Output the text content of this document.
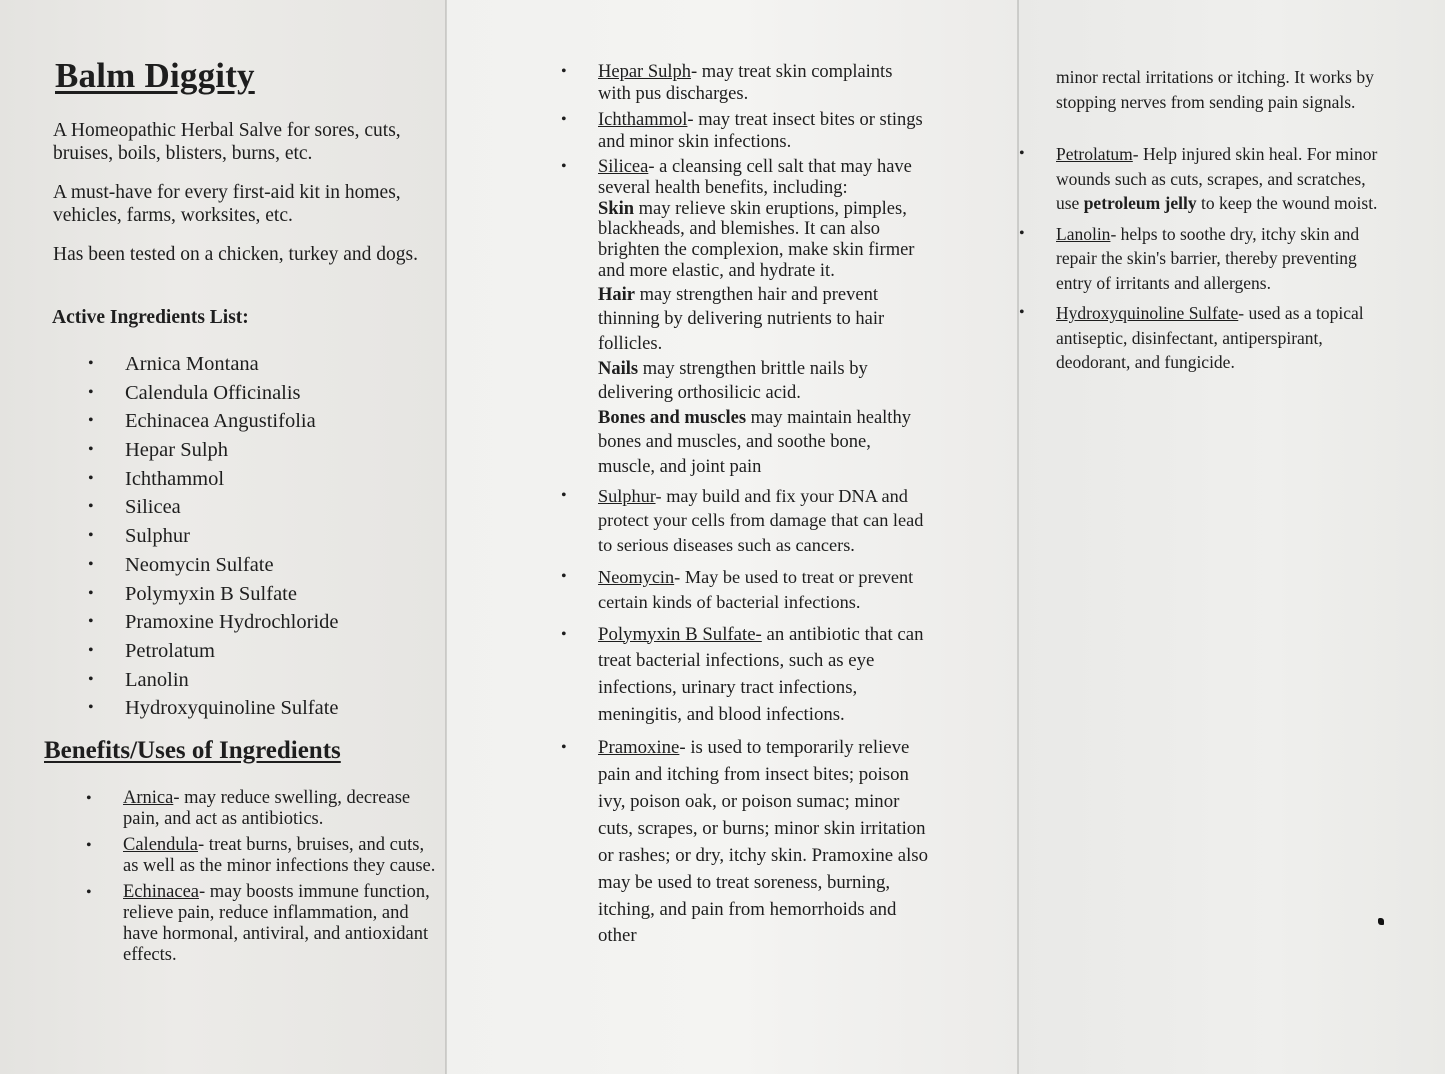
Balm Diggity

A Homeopathic Herbal Salve for sores, cuts, bruises, boils, blisters, burns, etc.

A must-have for every first-aid kit in homes, vehicles, farms, worksites, etc.

Has been tested on a chicken, turkey and dogs.

Active Ingredients List:

• Arnica Montana
• Calendula Officinalis
• Echinacea Angustifolia
• Hepar Sulph
• Ichthammol
• Silicea
• Sulphur
• Neomycin Sulfate
• Polymyxin B Sulfate
• Pramoxine Hydrochloride
• Petrolatum
• Lanolin
• Hydroxyquinoline Sulfate
Benefits/Uses of Ingredients
• Arnica- may reduce swelling, decrease pain, and act as antibiotics.
• Calendula- treat burns, bruises, and cuts, as well as the minor infections they cause.
• Echinacea- may boosts immune function, relieve pain, reduce inflammation, and have hormonal, antiviral, and antioxidant effects.
• Hepar Sulph- may treat skin complaints with pus discharges.
• Ichthammol- may treat insect bites or stings and minor skin infections.
• Silicea- a cleansing cell salt that may have several health benefits, including:
Skin may relieve skin eruptions, pimples, blackheads, and blemishes. It can also brighten the complexion, make skin firmer and more elastic, and hydrate it.
Hair may strengthen hair and prevent thinning by delivering nutrients to hair follicles.
Nails may strengthen brittle nails by delivering orthosilicic acid.
Bones and muscles may maintain healthy bones and muscles, and soothe bone, muscle, and joint pain
• Sulphur- may build and fix your DNA and protect your cells from damage that can lead to serious diseases such as cancers.
• Neomycin- May be used to treat or prevent certain kinds of bacterial infections.
• Polymyxin B Sulfate- an antibiotic that can treat bacterial infections, such as eye infections, urinary tract infections, meningitis, and blood infections.
• Pramoxine- is used to temporarily relieve pain and itching from insect bites; poison ivy, poison oak, or poison sumac; minor cuts, scrapes, or burns; minor skin irritation or rashes; or dry, itchy skin. Pramoxine also may be used to treat soreness, burning, itching, and pain from hemorrhoids and other

minor rectal irritations or itching. It works by stopping nerves from sending pain signals.

• Petrolatum- Help injured skin heal. For minor wounds such as cuts, scrapes, and scratches, use petroleum jelly to keep the wound moist.
• Lanolin- helps to soothe dry, itchy skin and repair the skin's barrier, thereby preventing entry of irritants and allergens.
• Hydroxyquinoline Sulfate- used as a topical antiseptic, disinfectant, antiperspirant, deodorant, and fungicide.
